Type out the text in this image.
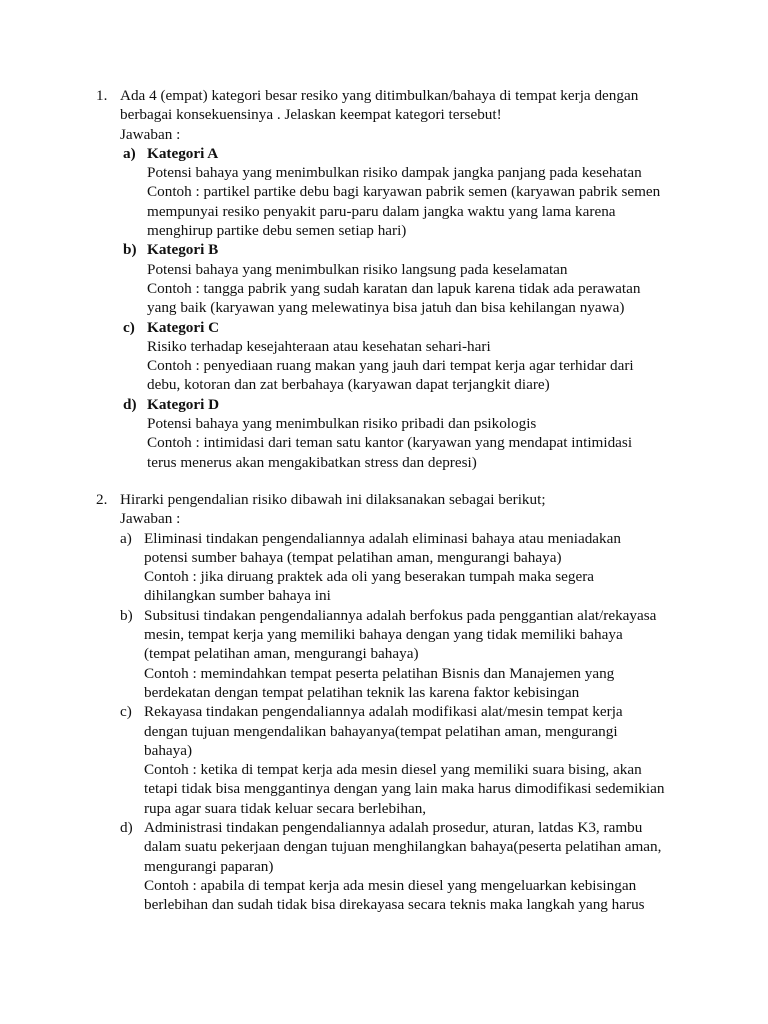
1. Ada 4 (empat) kategori besar resiko yang ditimbulkan/bahaya di tempat kerja dengan
berbagai konsekuensinya . Jelaskan keempat kategori tersebut!
Jawaban :
a) Kategori A
Potensi bahaya yang menimbulkan risiko dampak jangka panjang pada kesehatan
Contoh : partikel partike debu bagi karyawan pabrik semen (karyawan pabrik semen
mempunyai resiko penyakit paru-paru dalam jangka waktu yang lama karena
menghirup partike debu semen setiap hari)
b) Kategori B
Potensi bahaya yang menimbulkan risiko langsung pada keselamatan
Contoh : tangga pabrik yang sudah karatan dan lapuk karena tidak ada perawatan
yang baik (karyawan yang melewatinya bisa jatuh dan bisa kehilangan nyawa)
c) Kategori C
Risiko terhadap kesejahteraan atau kesehatan sehari-hari
Contoh : penyediaan ruang makan yang jauh dari tempat kerja agar terhidar dari
debu, kotoran dan zat berbahaya (karyawan dapat terjangkit diare)
d) Kategori D
Potensi bahaya yang menimbulkan risiko pribadi dan psikologis
Contoh : intimidasi dari teman satu kantor (karyawan yang mendapat intimidasi
terus menerus akan mengakibatkan stress dan depresi)
2. Hirarki pengendalian risiko dibawah ini dilaksanakan sebagai berikut;
Jawaban :
a) Eliminasi tindakan pengendaliannya adalah eliminasi bahaya atau meniadakan
potensi sumber bahaya (tempat pelatihan aman, mengurangi bahaya)
Contoh : jika diruang praktek ada oli yang beserakan tumpah maka segera
dihilangkan sumber bahaya ini
b) Subsitusi tindakan pengendaliannya adalah berfokus pada penggantian alat/rekayasa
mesin, tempat kerja yang memiliki bahaya dengan yang tidak memiliki bahaya
(tempat pelatihan aman, mengurangi bahaya)
Contoh : memindahkan tempat peserta pelatihan Bisnis dan Manajemen yang
berdekatan dengan tempat pelatihan teknik las karena faktor kebisingan
c) Rekayasa tindakan pengendaliannya adalah modifikasi alat/mesin tempat kerja
dengan tujuan mengendalikan bahayanya(tempat pelatihan aman, mengurangi
bahaya)
Contoh : ketika di tempat kerja ada mesin diesel yang memiliki suara bising, akan
tetapi tidak bisa menggantinya dengan yang lain maka harus dimodifikasi sedemikian
rupa agar suara tidak keluar secara berlebihan,
d) Administrasi tindakan pengendaliannya adalah prosedur, aturan, latdas K3, rambu
dalam suatu pekerjaan dengan tujuan menghilangkan bahaya(peserta pelatihan aman,
mengurangi paparan)
Contoh : apabila di tempat kerja ada mesin diesel yang mengeluarkan kebisingan
berlebihan dan sudah tidak bisa direkayasa secara teknis maka langkah yang harus
